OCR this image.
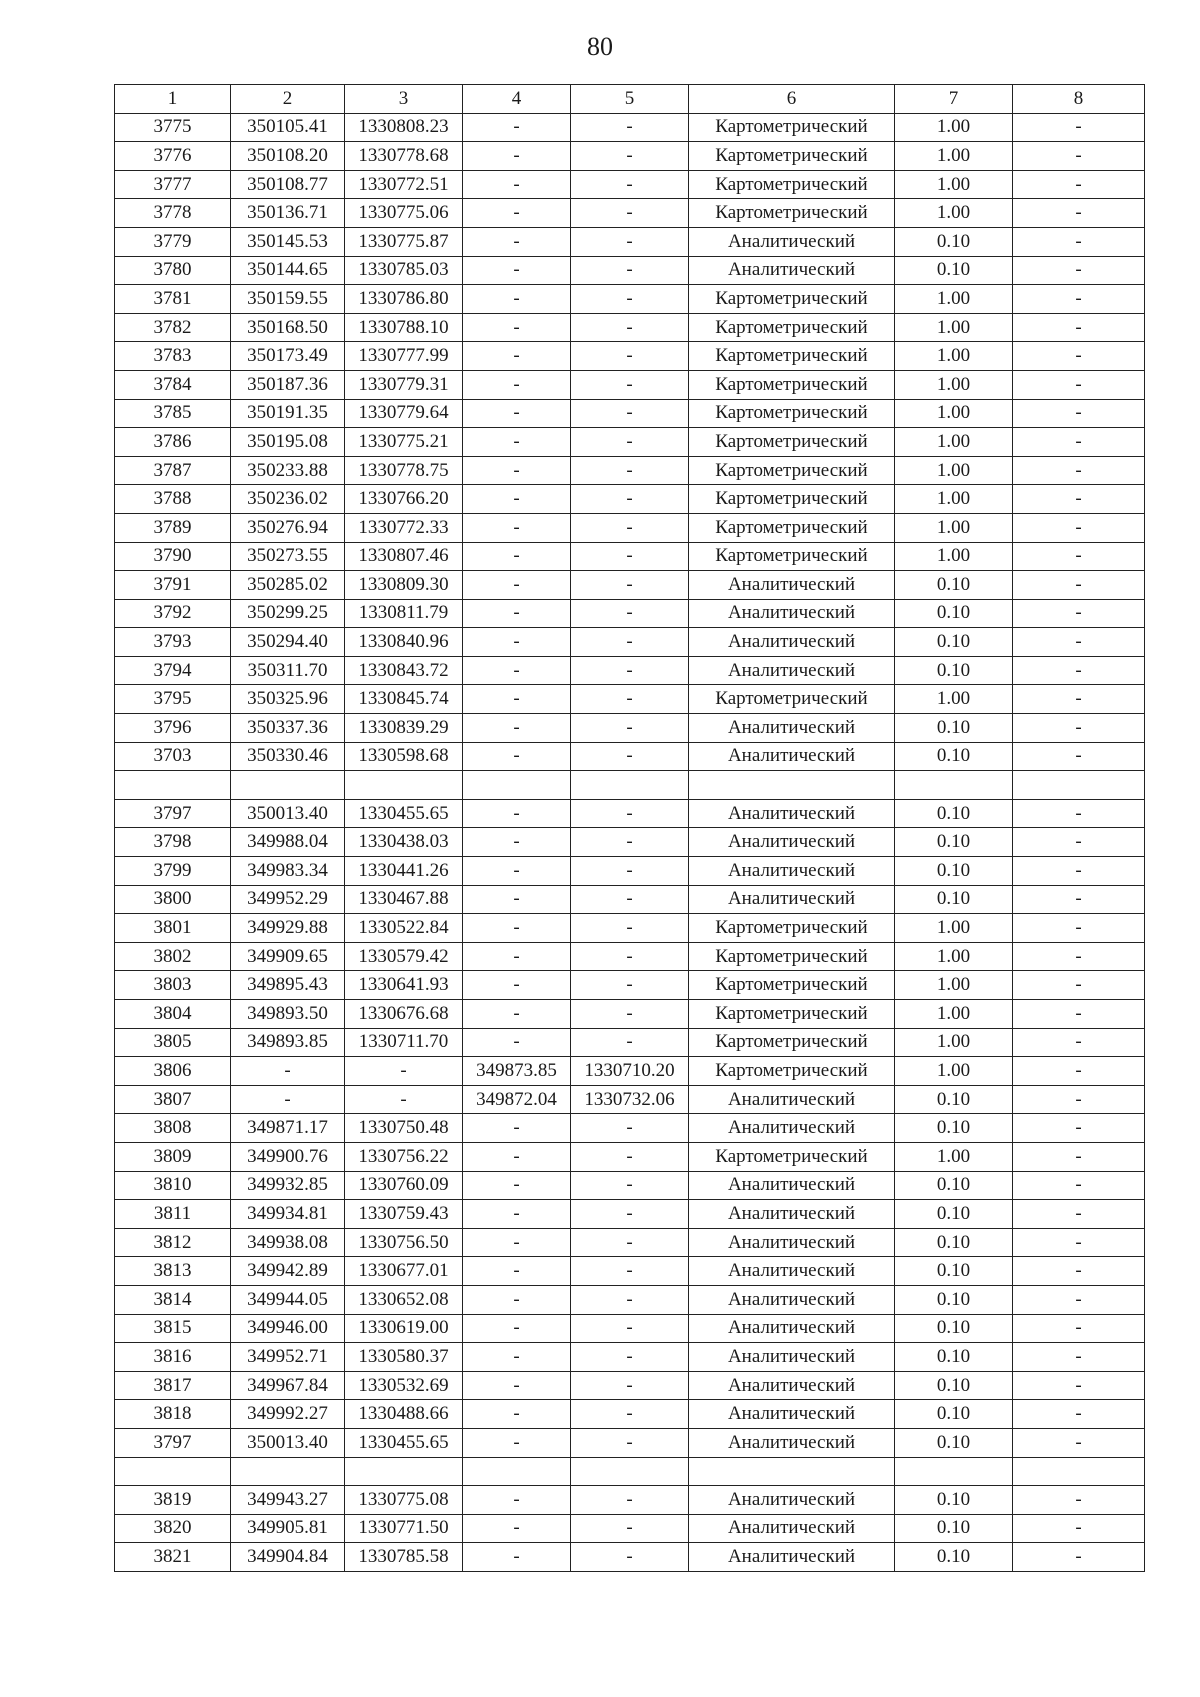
80
1	2	3	4	5	6	7	8
3775	350105.41	1330808.23	-	-	Картометрический	1.00	-
3776	350108.20	1330778.68	-	-	Картометрический	1.00	-
3777	350108.77	1330772.51	-	-	Картометрический	1.00	-
3778	350136.71	1330775.06	-	-	Картометрический	1.00	-
3779	350145.53	1330775.87	-	-	Аналитический	0.10	-
3780	350144.65	1330785.03	-	-	Аналитический	0.10	-
3781	350159.55	1330786.80	-	-	Картометрический	1.00	-
3782	350168.50	1330788.10	-	-	Картометрический	1.00	-
3783	350173.49	1330777.99	-	-	Картометрический	1.00	-
3784	350187.36	1330779.31	-	-	Картометрический	1.00	-
3785	350191.35	1330779.64	-	-	Картометрический	1.00	-
3786	350195.08	1330775.21	-	-	Картометрический	1.00	-
3787	350233.88	1330778.75	-	-	Картометрический	1.00	-
3788	350236.02	1330766.20	-	-	Картометрический	1.00	-
3789	350276.94	1330772.33	-	-	Картометрический	1.00	-
3790	350273.55	1330807.46	-	-	Картометрический	1.00	-
3791	350285.02	1330809.30	-	-	Аналитический	0.10	-
3792	350299.25	1330811.79	-	-	Аналитический	0.10	-
3793	350294.40	1330840.96	-	-	Аналитический	0.10	-
3794	350311.70	1330843.72	-	-	Аналитический	0.10	-
3795	350325.96	1330845.74	-	-	Картометрический	1.00	-
3796	350337.36	1330839.29	-	-	Аналитический	0.10	-
3703	350330.46	1330598.68	-	-	Аналитический	0.10	-

3797	350013.40	1330455.65	-	-	Аналитический	0.10	-
3798	349988.04	1330438.03	-	-	Аналитический	0.10	-
3799	349983.34	1330441.26	-	-	Аналитический	0.10	-
3800	349952.29	1330467.88	-	-	Аналитический	0.10	-
3801	349929.88	1330522.84	-	-	Картометрический	1.00	-
3802	349909.65	1330579.42	-	-	Картометрический	1.00	-
3803	349895.43	1330641.93	-	-	Картометрический	1.00	-
3804	349893.50	1330676.68	-	-	Картометрический	1.00	-
3805	349893.85	1330711.70	-	-	Картометрический	1.00	-
3806	-	-	349873.85	1330710.20	Картометрический	1.00	-
3807	-	-	349872.04	1330732.06	Аналитический	0.10	-
3808	349871.17	1330750.48	-	-	Аналитический	0.10	-
3809	349900.76	1330756.22	-	-	Картометрический	1.00	-
3810	349932.85	1330760.09	-	-	Аналитический	0.10	-
3811	349934.81	1330759.43	-	-	Аналитический	0.10	-
3812	349938.08	1330756.50	-	-	Аналитический	0.10	-
3813	349942.89	1330677.01	-	-	Аналитический	0.10	-
3814	349944.05	1330652.08	-	-	Аналитический	0.10	-
3815	349946.00	1330619.00	-	-	Аналитический	0.10	-
3816	349952.71	1330580.37	-	-	Аналитический	0.10	-
3817	349967.84	1330532.69	-	-	Аналитический	0.10	-
3818	349992.27	1330488.66	-	-	Аналитический	0.10	-
3797	350013.40	1330455.65	-	-	Аналитический	0.10	-

3819	349943.27	1330775.08	-	-	Аналитический	0.10	-
3820	349905.81	1330771.50	-	-	Аналитический	0.10	-
3821	349904.84	1330785.58	-	-	Аналитический	0.10	-
